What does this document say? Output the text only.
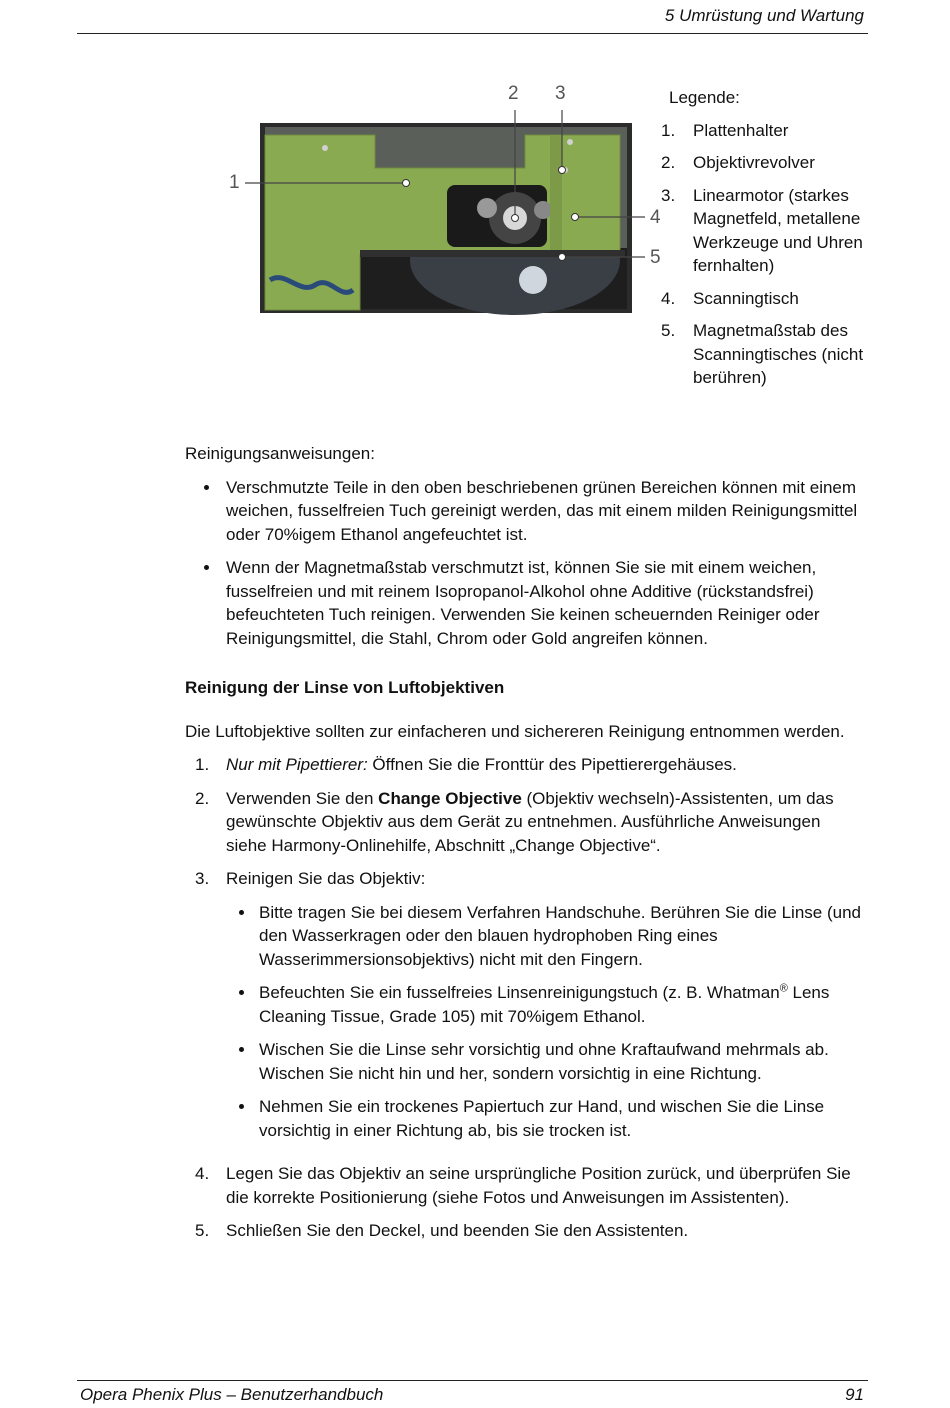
5 Umrüstung und Wartung
1
2 3
4
5
Legende:
1.	Plattenhalter
2.	Objektivrevolver
3.	Linearmotor (starkes Magnetfeld, metallene Werkzeuge und Uhren fernhalten)
4.	Scanningtisch
5.	Magnetmaßstab des Scanningtisches (nicht berühren)

Reinigungsanweisungen:

Verschmutzte Teile in den oben beschriebenen grünen Bereichen können mit einem weichen, fusselfreien Tuch gereinigt werden, das mit einem milden Reinigungsmittel oder 70%igem Ethanol angefeuchtet ist.
Wenn der Magnetmaßstab verschmutzt ist, können Sie sie mit einem weichen, fusselfreien und mit reinem Isopropanol-Alkohol ohne Additive (rückstandsfrei) befeuchteten Tuch reinigen. Verwenden Sie keinen scheuernden Reiniger oder Reinigungsmittel, die Stahl, Chrom oder Gold angreifen können.
Reinigung der Linse von Luftobjektiven

Die Luftobjektive sollten zur einfacheren und sichereren Reinigung entnommen werden.

1. Nur mit Pipettierer: Öffnen Sie die Fronttür des Pipettierergehäuses.
2. Verwenden Sie den Change Objective (Objektiv wechseln)-Assistenten, um das gewünschte Objektiv aus dem Gerät zu entnehmen. Ausführliche Anweisungen siehe Harmony-Onlinehilfe, Abschnitt „Change Objective“.
3. Reinigen Sie das Objektiv:
Bitte tragen Sie bei diesem Verfahren Handschuhe. Berühren Sie die Linse (und den Wasserkragen oder den blauen hydrophoben Ring eines Wasserimmersionsobjektivs) nicht mit den Fingern.
Befeuchten Sie ein fusselfreies Linsenreinigungstuch (z. B. Whatman® Lens Cleaning Tissue, Grade 105) mit 70%igem Ethanol.
Wischen Sie die Linse sehr vorsichtig und ohne Kraftaufwand mehrmals ab. Wischen Sie nicht hin und her, sondern vorsichtig in eine Richtung.
Nehmen Sie ein trockenes Papiertuch zur Hand, und wischen Sie die Linse vorsichtig in einer Richtung ab, bis sie trocken ist.
4. Legen Sie das Objektiv an seine ursprüngliche Position zurück, und überprüfen Sie die korrekte Positionierung (siehe Fotos und Anweisungen im Assistenten).
5. Schließen Sie den Deckel, und beenden Sie den Assistenten.
Opera Phenix Plus – Benutzerhandbuch	91
